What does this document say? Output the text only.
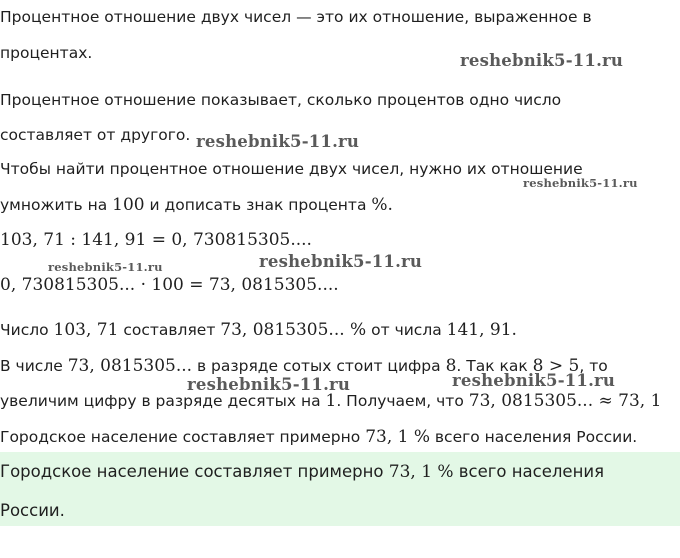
Процентное отношение двух чисел — это их отношение, выраженное в
процентах.
Процентное отношение показывает, сколько процентов одно число
составляет от другого.
Чтобы найти процентное отношение двух чисел, нужно их отношение
умножить на 100 и дописать знак процента %.
103, 71 : 141, 91 = 0, 730815305....
0, 730815305... · 100 = 73, 0815305....
Число 103, 71 составляет 73, 0815305... % от числа 141, 91.
В числе 73, 0815305... в разряде сотых стоит цифра 8. Так как 8 > 5, то
увеличим цифру в разряде десятых на 1. Получаем, что 73, 0815305... ≈ 73, 1
Городское население составляет примерно 73, 1 % всего населения России.
Городское население составляет примерно 73, 1 % всего населения
России.
reshebnik5-11.ru
reshebnik5-11.ru
reshebnik5-11.ru
reshebnik5-11.ru	reshebnik5-11.ru
reshebnik5-11.ru	reshebnik5-11.ru
